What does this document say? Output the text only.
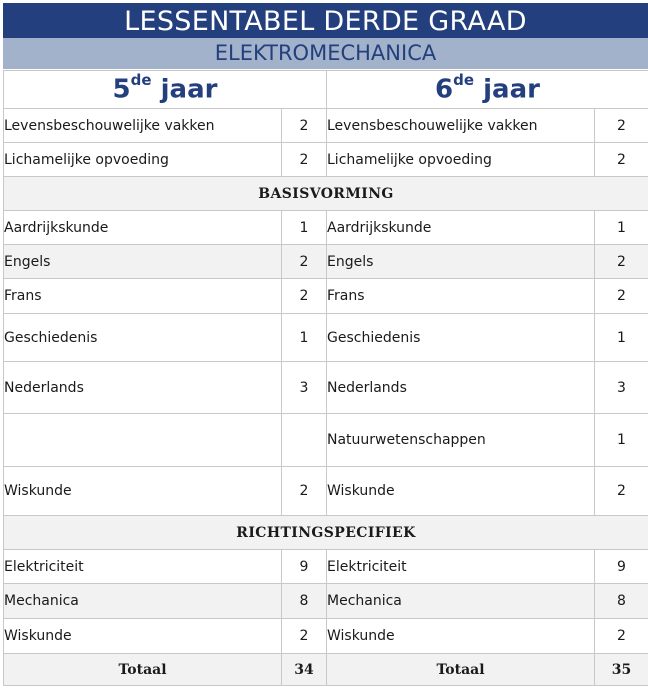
LESSENTABEL DERDE GRAAD
ELEKTROMECHANICA
5de jaar		6de jaar	
Levensbeschouwelijke vakken	2	Levensbeschouwelijke vakken	2
Lichamelijke opvoeding	2	Lichamelijke opvoeding	2
BASISVORMING			
Aardrijkskunde	1	Aardrijkskunde	1
Engels	2	Engels	2
Frans	2	Frans	2
Geschiedenis	1	Geschiedenis	1
Nederlands	3	Nederlands	3
		Natuurwetenschappen	1
Wiskunde	2	Wiskunde	2
RICHTINGSPECIFIEK			
Elektriciteit	9	Elektriciteit	9
Mechanica	8	Mechanica	8
Wiskunde	2	Wiskunde	2
Totaal	34	Totaal	35
